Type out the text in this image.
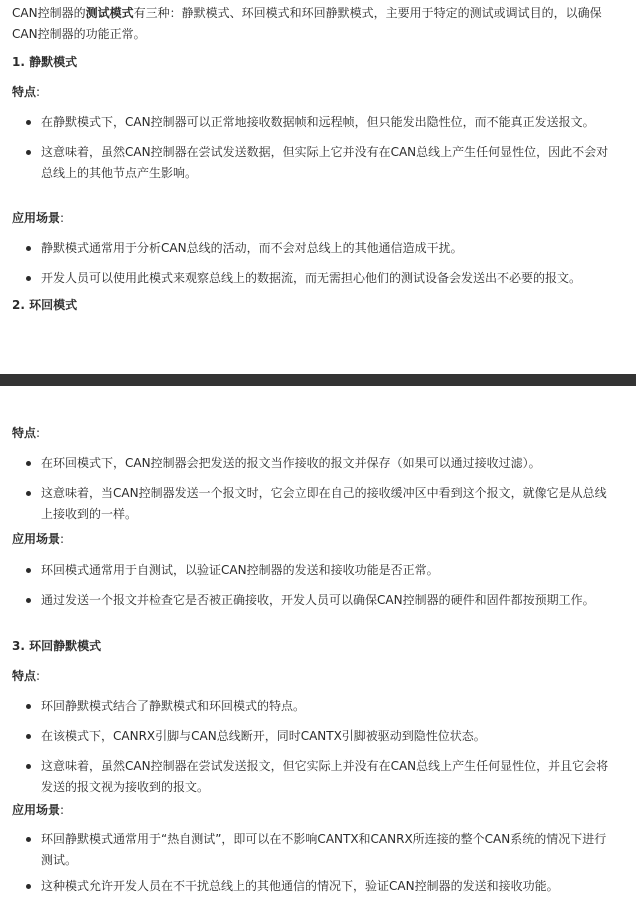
CAN控制器的测试模式有三种：静默模式、环回模式和环回静默模式，主要用于特定的测试或调试目的，以确保CAN控制器的功能正常。
1. 静默模式
特点:
在静默模式下，CAN控制器可以正常地接收数据帧和远程帧，但只能发出隐性位，而不能真正发送报文。
这意味着，虽然CAN控制器在尝试发送数据，但实际上它并没有在CAN总线上产生任何显性位，因此不会对总线上的其他节点产生影响。
应用场景:
静默模式通常用于分析CAN总线的活动，而不会对总线上的其他通信造成干扰。
开发人员可以使用此模式来观察总线上的数据流，而无需担心他们的测试设备会发送出不必要的报文。
2. 环回模式
特点:
在环回模式下，CAN控制器会把发送的报文当作接收的报文并保存（如果可以通过接收过滤）。
这意味着，当CAN控制器发送一个报文时，它会立即在自己的接收缓冲区中看到这个报文，就像它是从总线上接收到的一样。
应用场景:
环回模式通常用于自测试，以验证CAN控制器的发送和接收功能是否正常。
通过发送一个报文并检查它是否被正确接收，开发人员可以确保CAN控制器的硬件和固件都按预期工作。
3. 环回静默模式
特点:
环回静默模式结合了静默模式和环回模式的特点。
在该模式下，CANRX引脚与CAN总线断开，同时CANTX引脚被驱动到隐性位状态。
这意味着，虽然CAN控制器在尝试发送报文，但它实际上并没有在CAN总线上产生任何显性位，并且它会将发送的报文视为接收到的报文。
应用场景:
环回静默模式通常用于“热自测试”，即可以在不影响CANTX和CANRX所连接的整个CAN系统的情况下进行测试。
这种模式允许开发人员在不干扰总线上的其他通信的情况下，验证CAN控制器的发送和接收功能。
